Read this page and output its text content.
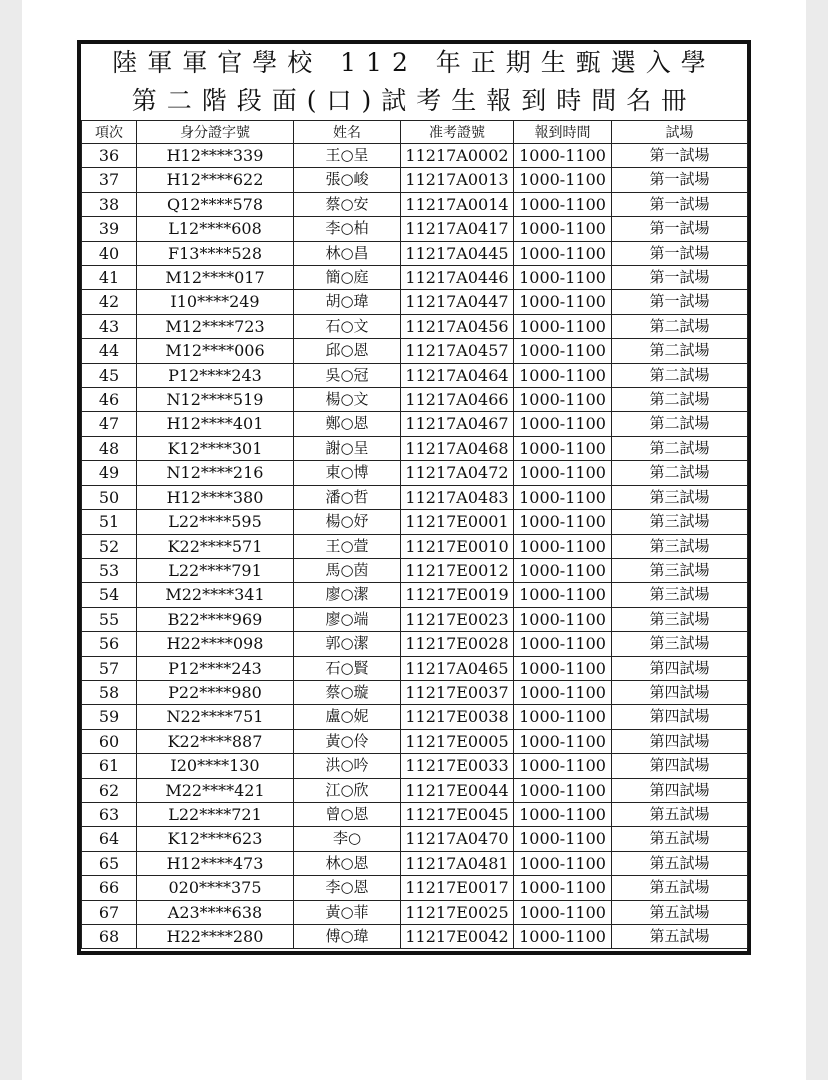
陸軍軍官學校 112 年正期生甄選入學
第二階段面(口)試考生報到時間名冊
項次	身分證字號	姓名	准考證號	報到時間	試場
36	H12****339	王○呈	11217A0002	1000-1100	第一試場
37	H12****622	張○峻	11217A0013	1000-1100	第一試場
38	Q12****578	蔡○安	11217A0014	1000-1100	第一試場
39	L12****608	李○柏	11217A0417	1000-1100	第一試場
40	F13****528	林○昌	11217A0445	1000-1100	第一試場
41	M12****017	簡○庭	11217A0446	1000-1100	第一試場
42	I10****249	胡○瑋	11217A0447	1000-1100	第一試場
43	M12****723	石○文	11217A0456	1000-1100	第二試場
44	M12****006	邱○恩	11217A0457	1000-1100	第二試場
45	P12****243	吳○冠	11217A0464	1000-1100	第二試場
46	N12****519	楊○文	11217A0466	1000-1100	第二試場
47	H12****401	鄭○恩	11217A0467	1000-1100	第二試場
48	K12****301	謝○呈	11217A0468	1000-1100	第二試場
49	N12****216	東○博	11217A0472	1000-1100	第二試場
50	H12****380	潘○哲	11217A0483	1000-1100	第三試場
51	L22****595	楊○妤	11217E0001	1000-1100	第三試場
52	K22****571	王○萱	11217E0010	1000-1100	第三試場
53	L22****791	馬○茵	11217E0012	1000-1100	第三試場
54	M22****341	廖○潔	11217E0019	1000-1100	第三試場
55	B22****969	廖○端	11217E0023	1000-1100	第三試場
56	H22****098	郭○潔	11217E0028	1000-1100	第三試場
57	P12****243	石○賢	11217A0465	1000-1100	第四試場
58	P22****980	蔡○璇	11217E0037	1000-1100	第四試場
59	N22****751	盧○妮	11217E0038	1000-1100	第四試場
60	K22****887	黃○伶	11217E0005	1000-1100	第四試場
61	I20****130	洪○吟	11217E0033	1000-1100	第四試場
62	M22****421	江○欣	11217E0044	1000-1100	第四試場
63	L22****721	曾○恩	11217E0045	1000-1100	第五試場
64	K12****623	李○	11217A0470	1000-1100	第五試場
65	H12****473	林○恩	11217A0481	1000-1100	第五試場
66	020****375	李○恩	11217E0017	1000-1100	第五試場
67	A23****638	黃○菲	11217E0025	1000-1100	第五試場
68	H22****280	傅○瑋	11217E0042	1000-1100	第五試場
